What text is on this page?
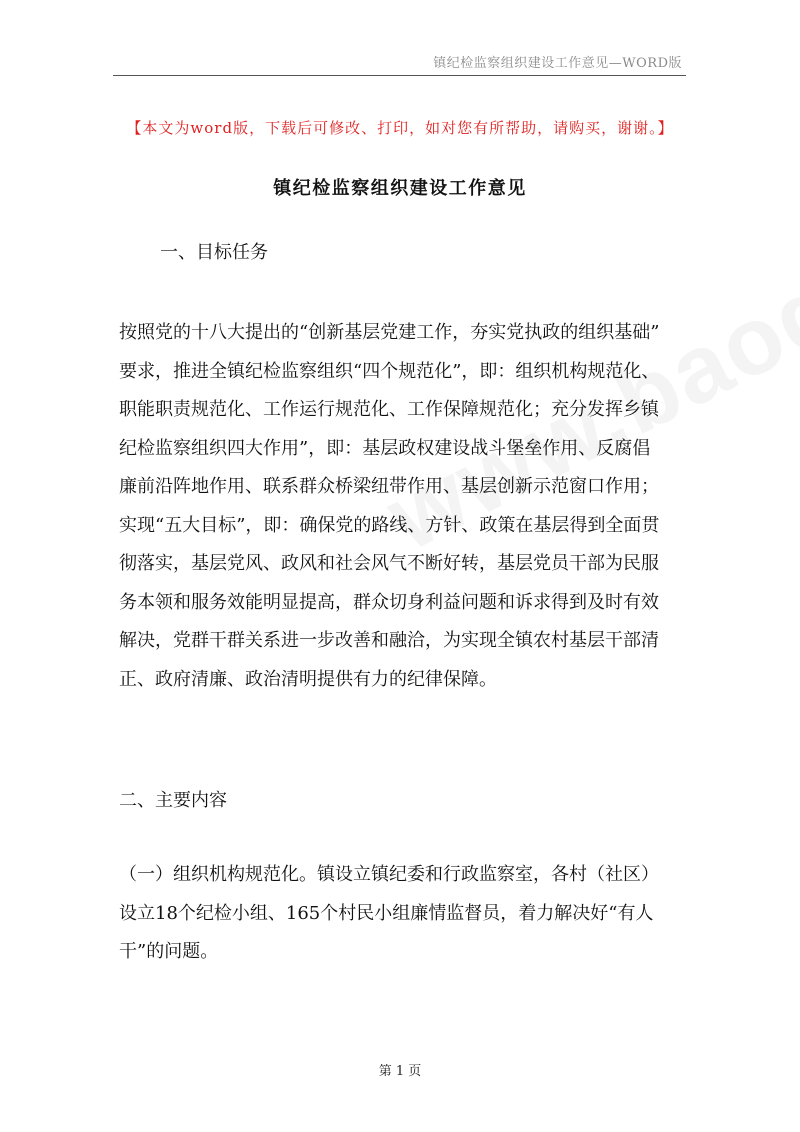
镇纪检监察组织建设工作意见—WORD版
【本文为word版，下载后可修改、打印，如对您有所帮助，请购买，谢谢。】
镇纪检监察组织建设工作意见
一、目标任务
按照党的十八大提出的“创新基层党建工作，夯实党执政的组织基础”
要求，推进全镇纪检监察组织“四个规范化”，即：组织机构规范化、
职能职责规范化、工作运行规范化、工作保障规范化；充分发挥乡镇
纪检监察组织四大作用”，即：基层政权建设战斗堡垒作用、反腐倡
廉前沿阵地作用、联系群众桥梁纽带作用、基层创新示范窗口作用；
实现“五大目标”，即：确保党的路线、方针、政策在基层得到全面贯
彻落实，基层党风、政风和社会风气不断好转，基层党员干部为民服
务本领和服务效能明显提高，群众切身利益问题和诉求得到及时有效
解决，党群干群关系进一步改善和融洽，为实现全镇农村基层干部清
正、政府清廉、政治清明提供有力的纪律保障。
二、主要内容
（一）组织机构规范化。镇设立镇纪委和行政监察室，各村（社区）
设立18个纪检小组、165个村民小组廉情监督员，着力解决好“有人
干”的问题。
第 1 页
